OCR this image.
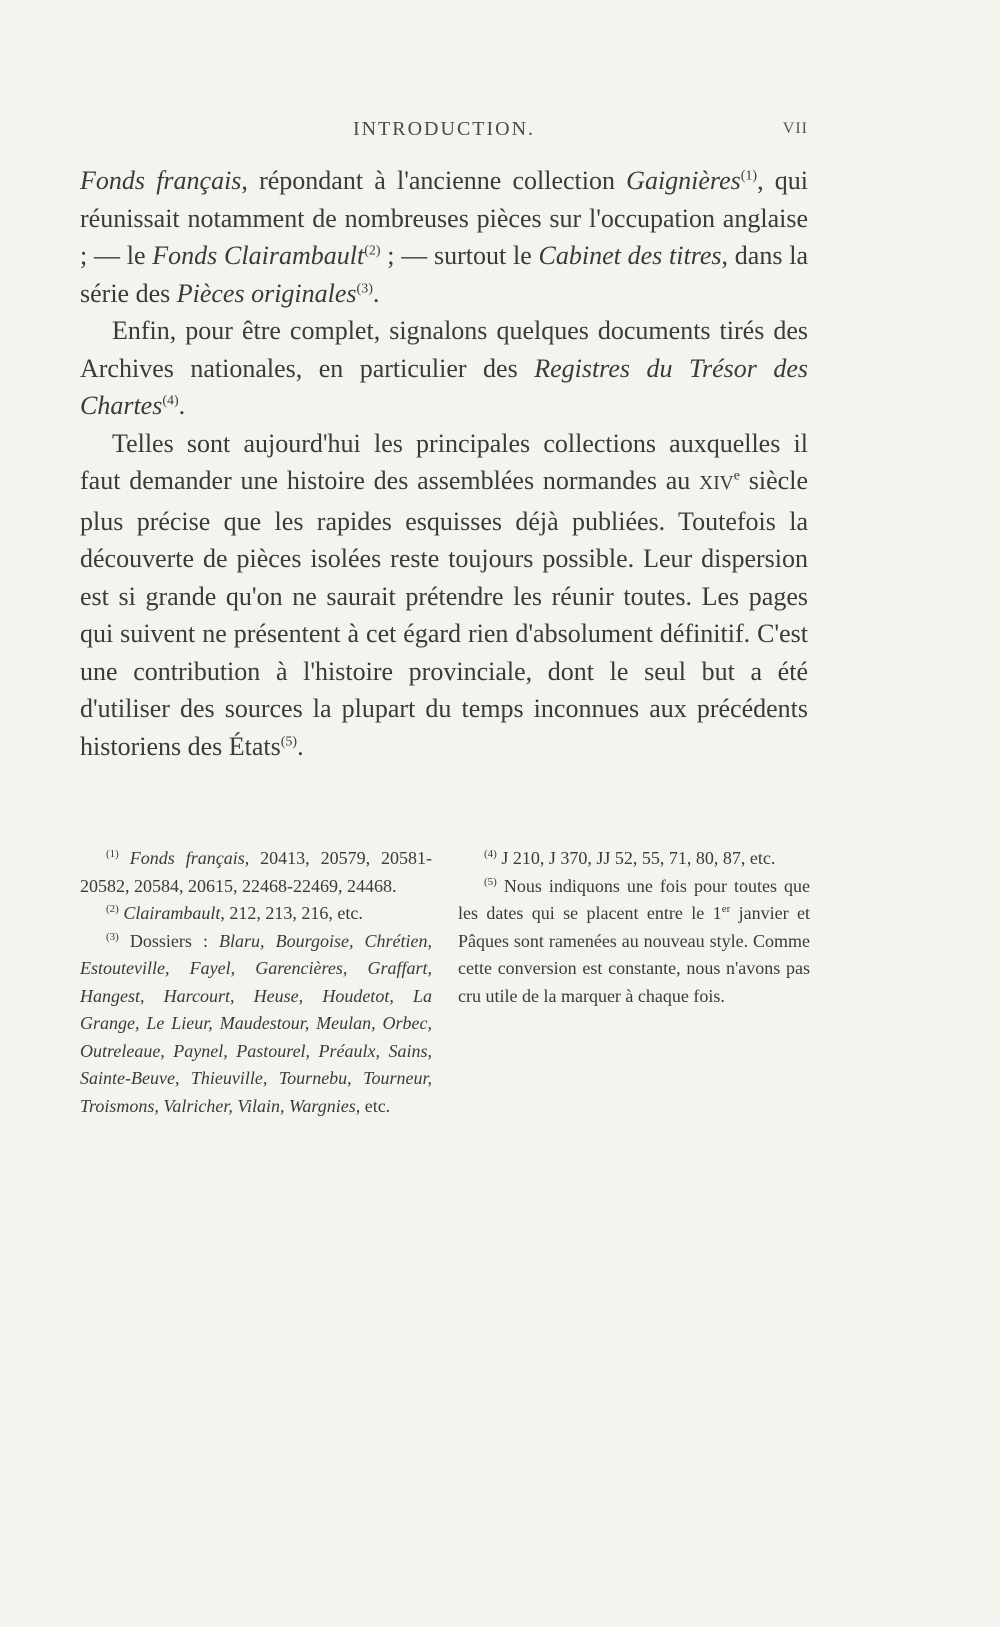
INTRODUCTION.	VII

Fonds français, répondant à l'ancienne collection Gaignières$^{(1)}$, qui réunissait notamment de nombreuses pièces sur l'occupation anglaise ; — le Fonds Clairambault$^{(2)}$ ; — surtout le Cabinet des titres, dans la série des Pièces originales$^{(3)}$.

Enfin, pour être complet, signalons quelques documents tirés des Archives nationales, en particulier des Registres du Trésor des Chartes$^{(4)}$.

Telles sont aujourd'hui les principales collections auxquelles il faut demander une histoire des assemblées normandes au XIVe siècle plus précise que les rapides esquisses déjà publiées. Toutefois la découverte de pièces isolées reste toujours possible. Leur dispersion est si grande qu'on ne saurait prétendre les réunir toutes. Les pages qui suivent ne présentent à cet égard rien d'absolument définitif. C'est une contribution à l'histoire provinciale, dont le seul but a été d'utiliser des sources la plupart du temps inconnues aux précédents historiens des États$^{(5)}$.

$^{(1)}$ Fonds français, 20413, 20579, 20581-20582, 20584, 20615, 22468-22469, 24468.

$^{(2)}$ Clairambault, 212, 213, 216, etc.

$^{(3)}$ Dossiers : Blaru, Bourgoise, Chrétien, Estouteville, Fayel, Garencières, Graffart, Hangest, Harcourt, Heuse, Houdetot, La Grange, Le Lieur, Maudestour, Meulan, Orbec, Outreleaue, Paynel, Pastourel, Préaulx, Sains, Sainte-Beuve, Thieuville, Tournebu, Tourneur, Troismons, Valricher, Vilain, Wargnies, etc.

$^{(4)}$ J 210, J 370, JJ 52, 55, 71, 80, 87, etc.

$^{(5)}$ Nous indiquons une fois pour toutes que les dates qui se placent entre le 1er janvier et Pâques sont ramenées au nouveau style. Comme cette conversion est constante, nous n'avons pas cru utile de la marquer à chaque fois.
